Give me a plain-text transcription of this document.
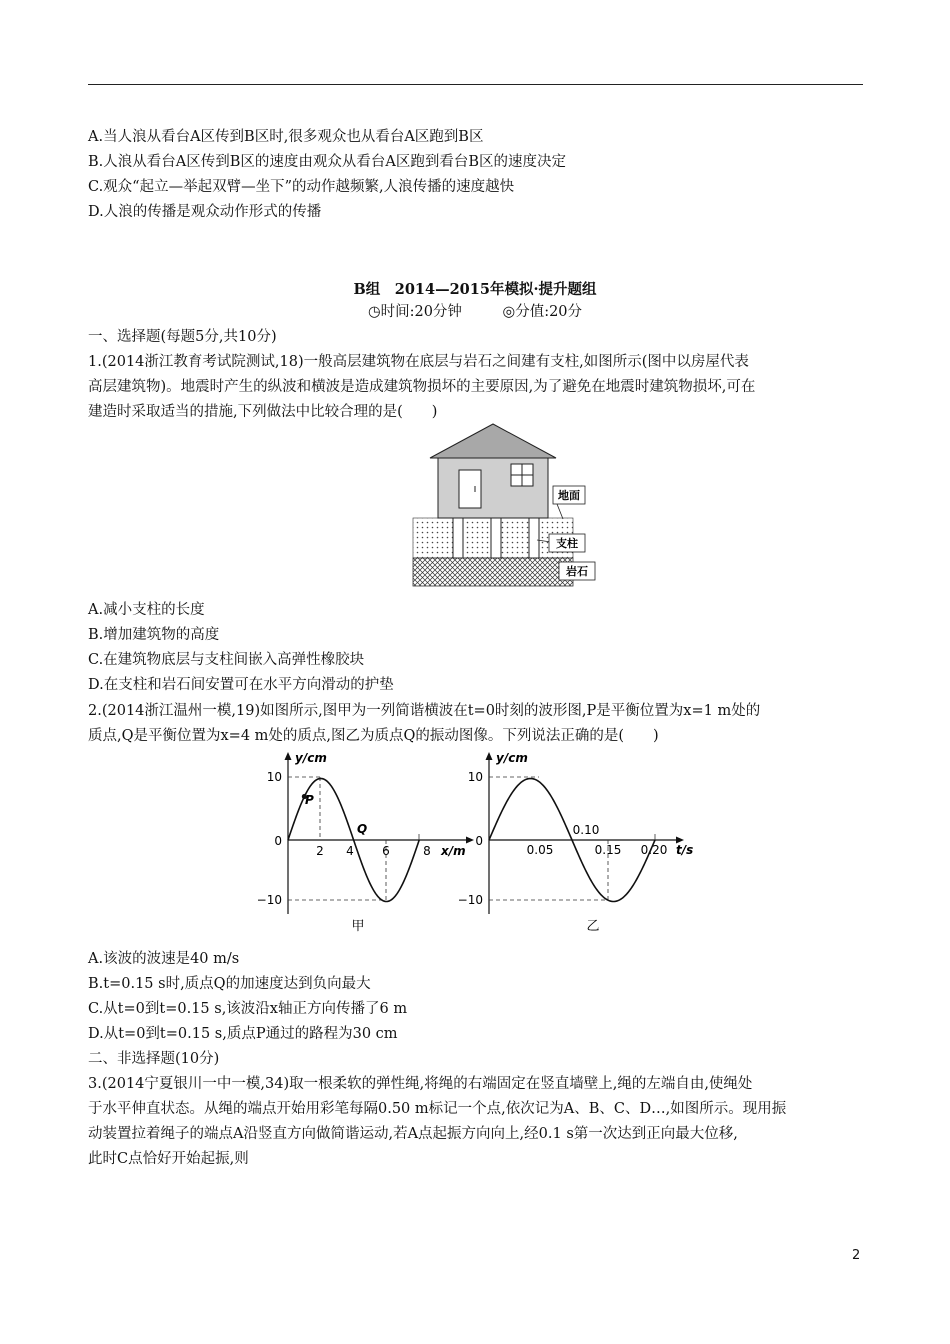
A.当人浪从看台A区传到B区时,很多观众也从看台A区跑到B区
B.人浪从看台A区传到B区的速度由观众从看台A区跑到看台B区的速度决定
C.观众“起立—举起双臂—坐下”的动作越频繁,人浪传播的速度越快
D.人浪的传播是观众动作形式的传播
B组　2014—2015年模拟·提升题组
◷时间:20分钟	◎分值:20分
一、选择题(每题5分,共10分)
1.(2014浙江教育考试院测试,18)一般高层建筑物在底层与岩石之间建有支柱,如图所示(图中以房屋代表
高层建筑物)。地震时产生的纵波和横波是造成建筑物损坏的主要原因,为了避免在地震时建筑物损坏,可在
建造时采取适当的措施,下列做法中比较合理的是(　　)
地面
支柱
岩石
A.减小支柱的长度
B.增加建筑物的高度
C.在建筑物底层与支柱间嵌入高弹性橡胶块
D.在支柱和岩石间安置可在水平方向滑动的护垫
2.(2014浙江温州一模,19)如图所示,图甲为一列简谐横波在t=0时刻的波形图,P是平衡位置为x=1 m处的
质点,Q是平衡位置为x=4 m处的质点,图乙为质点Q的振动图像。下列说法正确的是(　　)
y/cm
10
0
−10
2 4 6	8 x/m
P
Q
甲
y/cm
10
0
−10
0.05
0.10
0.15 0.20 t/s
乙
A.该波的波速是40 m/s
B.t=0.15 s时,质点Q的加速度达到负向最大
C.从t=0到t=0.15 s,该波沿x轴正方向传播了6 m
D.从t=0到t=0.15 s,质点P通过的路程为30 cm
二、非选择题(10分)
3.(2014宁夏银川一中一模,34)取一根柔软的弹性绳,将绳的右端固定在竖直墙壁上,绳的左端自由,使绳处
于水平伸直状态。从绳的端点开始用彩笔每隔0.50 m标记一个点,依次记为A、B、C、D…,如图所示。现用振
动装置拉着绳子的端点A沿竖直方向做简谐运动,若A点起振方向向上,经0.1 s第一次达到正向最大位移,
此时C点恰好开始起振,则
2
